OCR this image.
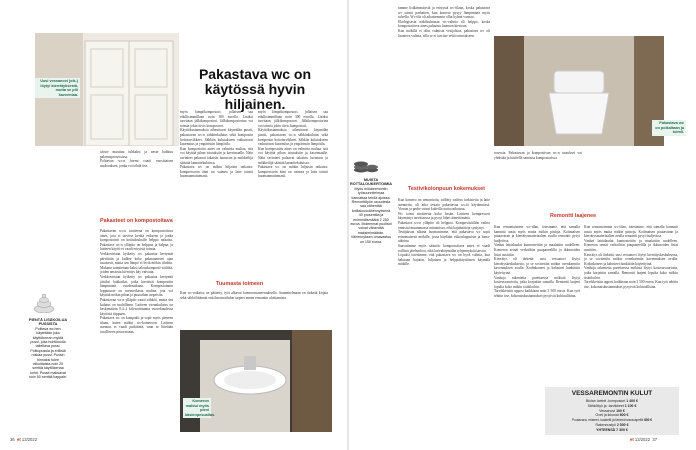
Uusi vessanovi (oik.) löytyi kierrätyksestä, mutta se piti kavventaa.
Pakastava wc on käytössä hyvin hiljainen.
uloste muuttuu tuhkaksi ja neste haihtuu palamisprosessissa.
Polttavan wc:n hormi vaatii vuosittaisen nuohouksen, jonka voi tehdä itse.
Pakasteet on kompostoitava
Pakastavan wc:n tuotteena on kompostoituva aines, jota ei tarvitse kerätä erikseen ja jonka kompostointi on kotitalouksille helppo ratkaisu. Pakastava wc:n ylläpito on helppoa ja halpaa, ja laitteen käyttö ei vaadi erityisiä toimia.
Verkkovirtaan kytketty wc pakastaa kertymät päivittäin ja kulkee koko pakastamisen ajan tasaisesti, mutta sen lämpö ei leviä mökin tiloihin. Mukana toimitetaan kaksi talouskomposti-säiliötä, joiden ansiosta kierrätys käy vaivatta.
Verkkovirtaan kytketty wc pakastaa kertymiä jäisiksi kakkuiksi, jotka kiertävät kompostiin lämpimänä vuodenaikana. Kompostoinnin lopputuote on ravinteikasta multaa, jota voi käyttää mökin pihan ja puutarhan tarpeisiin.
Pakastavan wc:n ylläpito vaatii sähköä, mutta sen kulutus on maltillinen. Laitteen virrankulutus on keskimäärin 0,4–2 kilowattituntia vuorokaudessa käytöstä riippuen.
Pakastava wc on kompakti ja sopii myös pieneen tilaan, kuten mökin wc-komeroon. Laitteen asennus ei vaadi putkitöitä, vaan se liitetään tavalliseen pistorasiaan.
PIENTÄ LISÄKOILUA PUSSISTA
Polttava wc:hen käytetään joka käyttökerran myötä pussi, joka huhtikuulla taiteltava pussi. Polttopussia ja erillisiä roskaa pussi. Pussin hinnaksi tulee viikoittaista noin 25 senttiä käyttökertaa kohti. Pussit maksavat noin 50 senttiä kappale.
myös lämpökompostori, jollaisen saa edullisimmillaan noin 300 eurolla. Lisäksi tarvitaan jälkikompostori. Jälkikompostorina voi toimia jokin tiivis kompostori.
Käyttökustannuksia aiheuttavat käymälän pussit, pakastavan wc:n sähkönkulutus sekä kompostin hoitotarvikkeet. Sähkön kulutukseen vaikuttavat kuormitus ja ympäristön lämpötila.
Kun kompostoitu aines on valmista multaa, sitä voi käyttää pihan istutuksiin ja kasvimaalle. Näin ravinteet palaavat takaisin luontoon ja mökkeilijä säästää lannoitekuluissa.
Pakastava wc on mökin hiljaisin ratkaisu: kompressorin ääni on vaimea ja laite toimii huomaamattomasti.

myös lämpökompostori, jollaisen saa edullisimmillaan noin 300 eurolla. Lisäksi tarvitaan jälkikompostori. Jälkikompostorina voi toimia jokin tiivis kompostori.
Käyttökustannuksia aiheuttavat käymälän pussit, pakastavan wc:n sähkönkulutus sekä kompostin hoitotarvikkeet. Sähkön kulutukseen vaikuttavat kuormitus ja ympäristön lämpötila.
Kun kompostoitu aines on valmista multaa, sitä voi käyttää pihan istutuksiin ja kasvimaalle. Näin ravinteet palaavat takaisin luontoon ja mökkeilijä säästää lannoitekuluissa.
Pakastava wc on mökin hiljaisin ratkaisu: kompressorin ääni on vaimea ja laite toimii huomaamattomasti.

Tuumasta toimeen
Kun wc-ratkaisu on päätetty, työt alkavat komeronsaneerauksella. Suunnitelmaan on tärkeää kirjata sekä sähköliitännät että ilmanvaihdon tarpeet ennen remontin aloittamista.
Komeron mahtui myös pieni käsienpesuallas.
tamme lisälämmitystä ja eristystä wc-tilaan, koska pakastava wc toimii parhaiten, kun komero pysyy lämpimänä myös talvella. Wc-tila oli aikaisemmin ollut kylmä varasto.
Ekologisesta näkökulmasta wc-valinta oli helppo, koska kompostoituva aines palautuu luonnon kiertoon.
Kun mökillä ei ollut valmista vesijohtoa, pakastava wc oli luonteva valinta, sillä se ei tarvitse vettä toimiakseen.
MUISTA ROTTALOUKERTOIMIA
Myös mökkiremontin työsuunnitelmaa kannattaa tehdä ajoissa. Remonttityön osuudesta saa vähentää kotitalousvähennyksenä 40 prosenttia ja enimmäismäärä 2 250 euroa. Molemmat puolisot voivat vähentää maksimimäärän. Vähennyksen omavastuu on 150 euroa.
Testivikolonpuun kokemukset
Kun komero on remontoitu, säilötty vaileus tarkistettu ja laite asennettu, oli aika testata pakastavaa wc:tä käytännössä. Vieraat ja perhe saivat kokeilla uutta ratkaisua.
Wc toimi moitteetta koko kesän. Laitteen kompressori käynnistyi tarvittaessa ja pysyi lähes äänettömänä.
Pakastava wc:n ylläpito oli helppoa. Kompostisäiliön vaihto onnistui muutamassa minuutissa, eikä hajuhaittoja syntynyt.
Testijakson aikana huomasimme, että pakastava wc sopii erinomaisesti mökille, jossa käydään viikonloppuisin ja loma-aikoina.
Saavutimme myös säästöä: kompostoitava aines ei vaadi erillistä jätehuoltoa, eikä kuivakäymälän tyhjennyksiä tarvita.
Lopuksi totesimme, että pakastava wc on hyvä valinta, kun halutaan hajuton, hiljainen ja helppokäyttöinen käymälä mökille.
Pakastava wc on polkaltaan ja toimii.
rosessia. Pakastavan ja kompostivan wc:n tuotokset voi yhdistää ja käsitellä samassa kompostorissa.
Remontti laajenee
Kun remontoimme wc-tilan, totesimme, että samalla kannatti uusia myös muita mökin pintoja. Kotimaisen puutavaran ja kierrätysmateriaalien avulla remontti pysyi budjetissa.
Vanhat lattialaudat kunnostettiin ja maalattiin uudelleen. Komeron seinät verhoiltiin puupaneelilla ja ikkunoiden listat uusittiin.
Kierrätys oli tärkeää: uusi vessanovi löytyi kierrätyskeskuksesta, ja se sovitettiin mökin ovenkarmiin kavennuksen avulla. Kodinkoneet ja kalusteet hankittiin käytettyinä.
Vanhoja rakenteita purettaessa mökistä löytyi kosteusvaurioita, jotka korjattiin samalla. Remontti laajeni lopulta koko mökin sisätiloihin.
Tarvikkeisiin upposi kaikkiaan noin 3 500 euroa. Kun työt tehtiin itse, kokonaiskustannukset pysyivät kohtuullisina.
Kun remontoimme wc-tilan, totesimme, että samalla kannatti uusia myös muita mökin pintoja. Kotimaisen puutavaran ja kierrätysmateriaalien avulla remontti pysyi budjetissa.
Vanhat lattialaudat kunnostettiin ja maalattiin uudelleen. Komeron seinät verhoiltiin puupaneelilla ja ikkunoiden listat uusittiin.
Kierrätys oli tärkeää: uusi vessanovi löytyi kierrätyskeskuksesta, ja se sovitettiin mökin ovenkarmiin kavennuksen avulla. Kodinkoneet ja kalusteet hankittiin käytettyinä.
Vanhoja rakenteita purettaessa mökistä löytyi kosteusvaurioita, jotka korjattiin samalla. Remontti laajeni lopulta koko mökin sisätiloihin.
Tarvikkeisiin upposi kaikkiaan noin 3 500 euroa. Kun työt tehtiin itse, kokonaiskustannukset pysyivät kohtuullisina.
VESSAREMONTIN KULUT
Biolan Icelett -kompostori 1 400 €
Sähköityö ja -tarvikkeet 1 100 €
Vessanovi 100 €
Ovet ja ikkunat 600 €
Puutavara, eristeet, kaakelit ja lämmönvarauspeltit 800 €
Rakennustyö 2 500 €
YHTEENSÄ 7 300 €
36 et 13/2022	et 13/2022 37
